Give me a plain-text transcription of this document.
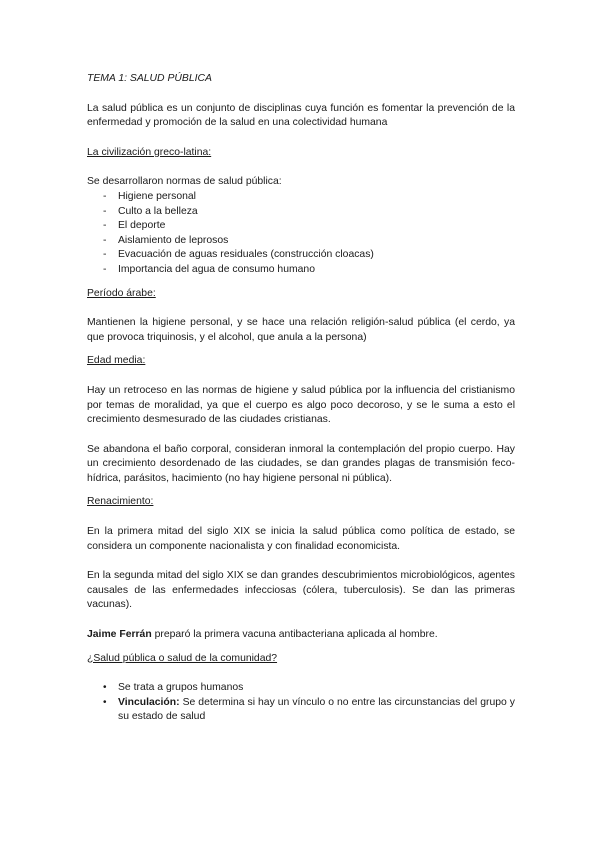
TEMA 1: SALUD PÚBLICA

La salud pública es un conjunto de disciplinas cuya función es fomentar la prevención de la enfermedad y promoción de la salud en una colectividad humana

La civilización greco-latina:

Se desarrollaron normas de salud pública:

- Higiene personal
- Culto a la belleza
- El deporte
- Aislamiento de leprosos
- Evacuación de aguas residuales (construcción cloacas)
- Importancia del agua de consumo humano

Período árabe:

Mantienen la higiene personal, y se hace una relación religión-salud pública (el cerdo, ya que provoca triquinosis, y el alcohol, que anula a la persona)

Edad media:

Hay un retroceso en las normas de higiene y salud pública por la influencia del cristianismo por temas de moralidad, ya que el cuerpo es algo poco decoroso, y se le suma a esto el crecimiento desmesurado de las ciudades cristianas.

Se abandona el baño corporal, consideran inmoral la contemplación del propio cuerpo. Hay un crecimiento desordenado de las ciudades, se dan grandes plagas de transmisión feco-hídrica, parásitos, hacimiento (no hay higiene personal ni pública).

Renacimiento:

En la primera mitad del siglo XIX se inicia la salud pública como política de estado, se considera un componente nacionalista y con finalidad economicista.

En la segunda mitad del siglo XIX se dan grandes descubrimientos microbiológicos, agentes causales de las enfermedades infecciosas (cólera, tuberculosis). Se dan las primeras vacunas).

Jaime Ferrán preparó la primera vacuna antibacteriana aplicada al hombre.

¿Salud pública o salud de la comunidad?

• Se trata a grupos humanos
• Vinculación: Se determina si hay un vínculo o no entre las circunstancias del grupo y su estado de salud
